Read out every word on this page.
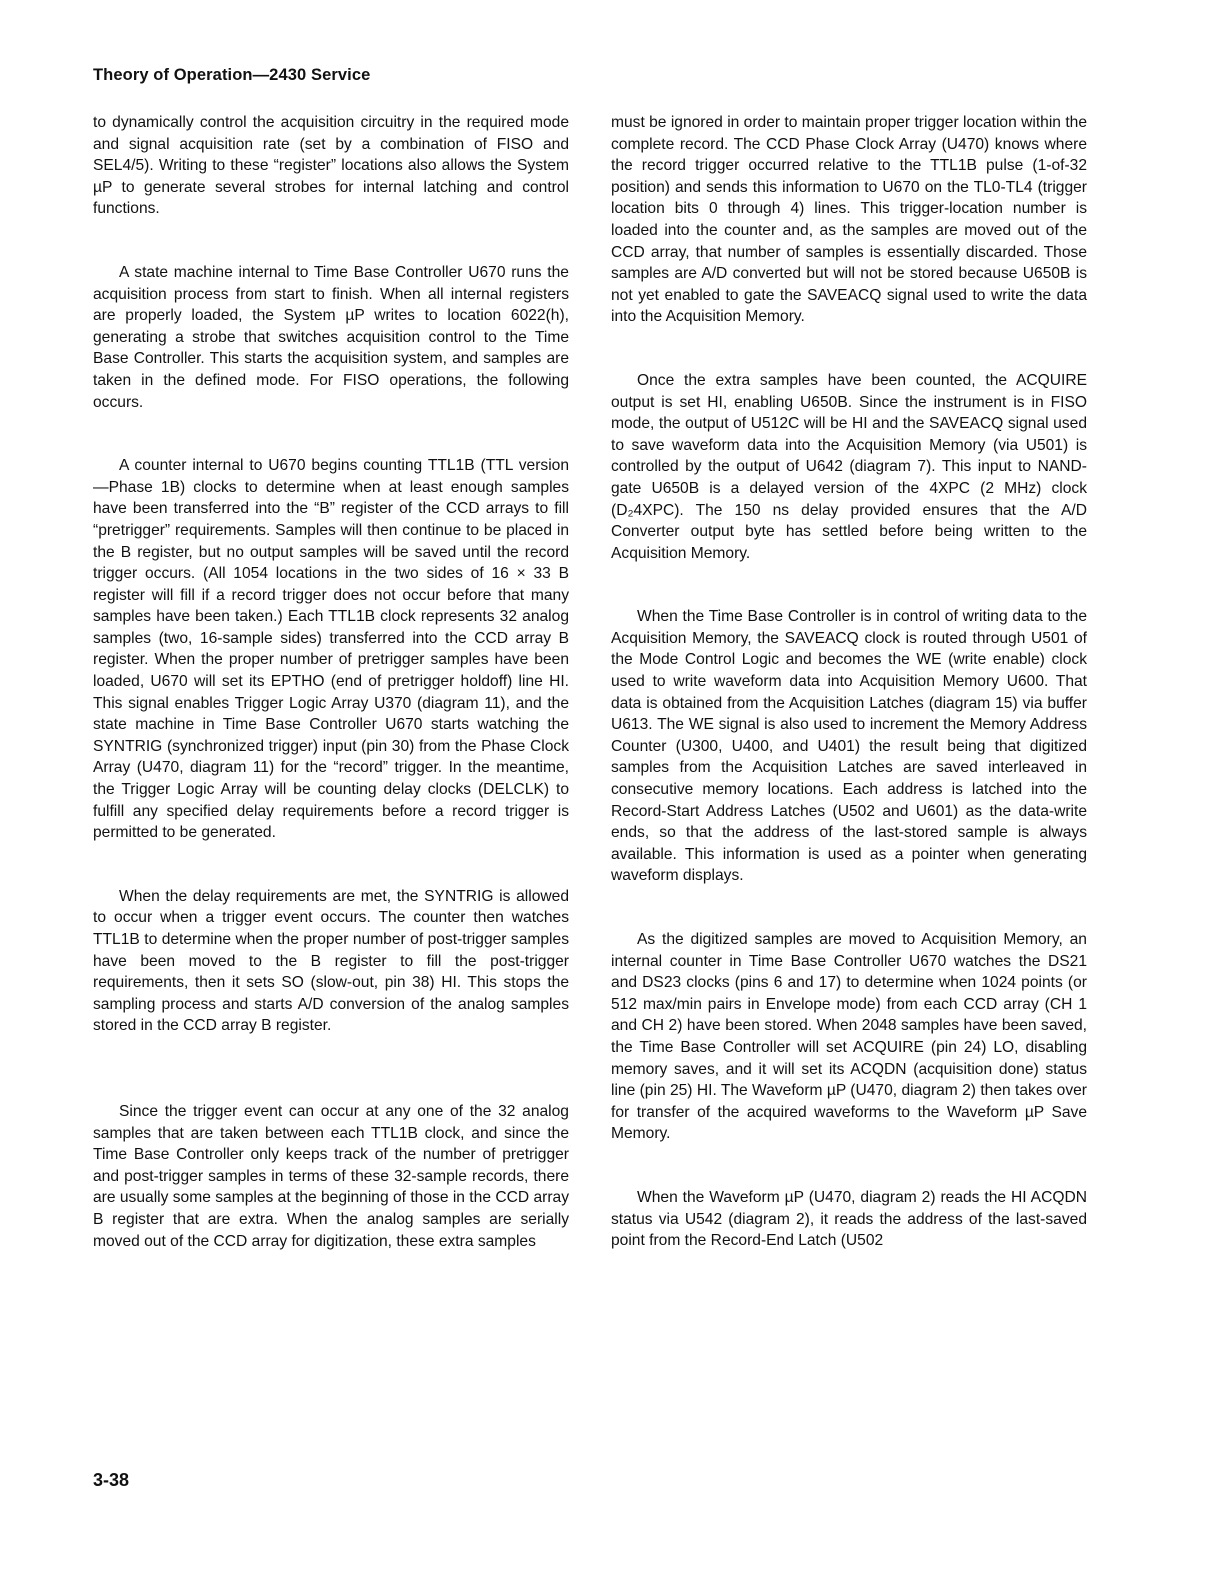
Theory of Operation—2430 Service

to dynamically control the acquisition circuitry in the required mode and signal acquisition rate (set by a combination of FISO and SEL4/5). Writing to these “register” locations also allows the System µP to generate several strobes for internal latching and control functions.

A state machine internal to Time Base Controller U670 runs the acquisition process from start to finish. When all internal registers are properly loaded, the System µP writes to location 6022(h), generating a strobe that switches acquisition control to the Time Base Controller. This starts the acquisition system, and samples are taken in the defined mode. For FISO operations, the following occurs.

A counter internal to U670 begins counting TTL1B (TTL version—Phase 1B) clocks to determine when at least enough samples have been transferred into the “B” register of the CCD arrays to fill “pretrigger” requirements. Samples will then continue to be placed in the B register, but no output samples will be saved until the record trigger occurs. (All 1054 locations in the two sides of 16 × 33 B register will fill if a record trigger does not occur before that many samples have been taken.) Each TTL1B clock represents 32 analog samples (two, 16-sample sides) transferred into the CCD array B register. When the proper number of pretrigger samples have been loaded, U670 will set its EPTHO (end of pretrigger holdoff) line HI. This signal enables Trigger Logic Array U370 (diagram 11), and the state machine in Time Base Controller U670 starts watching the SYNTRIG (synchronized trigger) input (pin 30) from the Phase Clock Array (U470, diagram 11) for the “record” trigger. In the meantime, the Trigger Logic Array will be counting delay clocks (DELCLK) to fulfill any specified delay requirements before a record trigger is permitted to be generated.

When the delay requirements are met, the SYNTRIG is allowed to occur when a trigger event occurs. The counter then watches TTL1B to determine when the proper number of post-trigger samples have been moved to the B register to fill the post-trigger requirements, then it sets SO (slow-out, pin 38) HI. This stops the sampling process and starts A/D conversion of the analog samples stored in the CCD array B register.

Since the trigger event can occur at any one of the 32 analog samples that are taken between each TTL1B clock, and since the Time Base Controller only keeps track of the number of pretrigger and post-trigger samples in terms of these 32-sample records, there are usually some samples at the beginning of those in the CCD array B register that are extra. When the analog samples are serially moved out of the CCD array for digitization, these extra samples

must be ignored in order to maintain proper trigger location within the complete record. The CCD Phase Clock Array (U470) knows where the record trigger occurred relative to the TTL1B pulse (1-of-32 position) and sends this information to U670 on the TL0-TL4 (trigger location bits 0 through 4) lines. This trigger-location number is loaded into the counter and, as the samples are moved out of the CCD array, that number of samples is essentially discarded. Those samples are A/D converted but will not be stored because U650B is not yet enabled to gate the SAVEACQ signal used to write the data into the Acquisition Memory.

Once the extra samples have been counted, the ACQUIRE output is set HI, enabling U650B. Since the instrument is in FISO mode, the output of U512C will be HI and the SAVEACQ signal used to save waveform data into the Acquisition Memory (via U501) is controlled by the output of U642 (diagram 7). This input to NAND-gate U650B is a delayed version of the 4XPC (2 MHz) clock (D₂4XPC). The 150 ns delay provided ensures that the A/D Converter output byte has settled before being written to the Acquisition Memory.

When the Time Base Controller is in control of writing data to the Acquisition Memory, the SAVEACQ clock is routed through U501 of the Mode Control Logic and becomes the WE (write enable) clock used to write waveform data into Acquisition Memory U600. That data is obtained from the Acquisition Latches (diagram 15) via buffer U613. The WE signal is also used to increment the Memory Address Counter (U300, U400, and U401) the result being that digitized samples from the Acquisition Latches are saved interleaved in consecutive memory locations. Each address is latched into the Record-Start Address Latches (U502 and U601) as the data-write ends, so that the address of the last-stored sample is always available. This information is used as a pointer when generating waveform displays.

As the digitized samples are moved to Acquisition Memory, an internal counter in Time Base Controller U670 watches the DS21 and DS23 clocks (pins 6 and 17) to determine when 1024 points (or 512 max/min pairs in Envelope mode) from each CCD array (CH 1 and CH 2) have been stored. When 2048 samples have been saved, the Time Base Controller will set ACQUIRE (pin 24) LO, disabling memory saves, and it will set its ACQDN (acquisition done) status line (pin 25) HI. The Waveform µP (U470, diagram 2) then takes over for transfer of the acquired waveforms to the Waveform µP Save Memory.

When the Waveform µP (U470, diagram 2) reads the HI ACQDN status via U542 (diagram 2), it reads the address of the last-saved point from the Record-End Latch (U502

3-38
